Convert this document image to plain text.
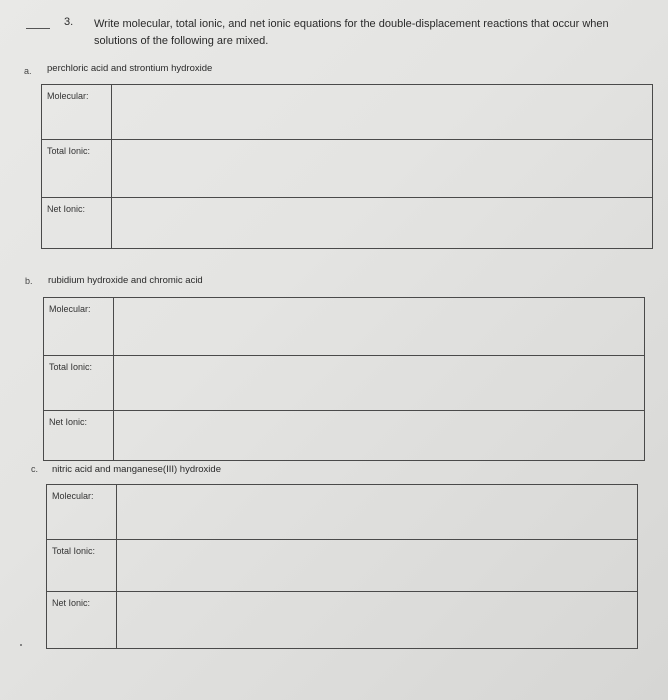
3. Write molecular, total ionic, and net ionic equations for the double-displacement reactions that occur when solutions of the following are mixed.
a. perchloric acid and strontium hydroxide
Molecular:	
Total Ionic:	
Net Ionic:	
b. rubidium hydroxide and chromic acid
Molecular:	
Total Ionic:	
Net Ionic:	
c. nitric acid and manganese(III) hydroxide
Molecular:	
Total Ionic:	
Net Ionic:	
